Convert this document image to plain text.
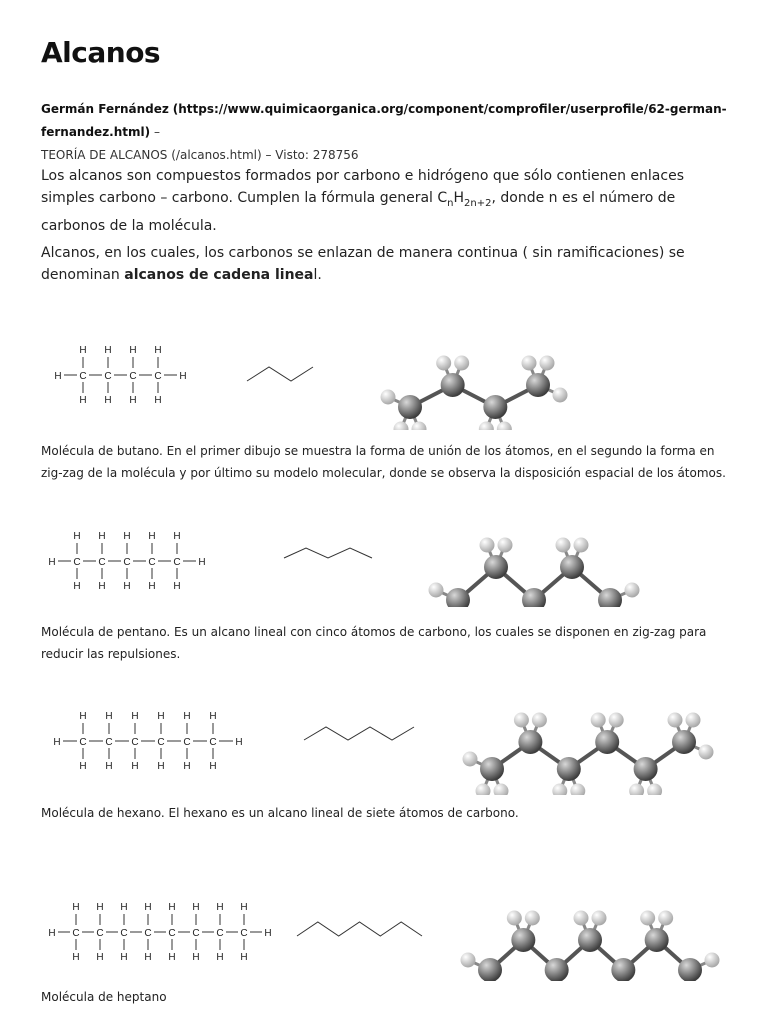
Alcanos
Germán Fernández (https://www.quimicaorganica.org/component/comprofiler/userprofile/62-german-fernandez.html) –
TEORÍA DE ALCANOS (/alcanos.html) – Visto: 278756

Los alcanos son compuestos formados por carbono e hidrógeno que sólo contienen enlaces simples carbono – carbono. Cumplen la fórmula general $C_nH_{2n+2}$, donde n es el número de carbonos de la molécula.

Alcanos, en los cuales, los carbonos se enlazan de manera continua ( sin ramificaciones) se denominan alcanos de cadena lineal.

Molécula de butano. En el primer dibujo se muestra la forma de unión de los átomos, en el segundo la forma en zig-zag de la molécula y por último su modelo molecular, donde se observa la disposición espacial de los átomos.
Molécula de pentano. Es un alcano lineal con cinco átomos de carbono, los cuales se disponen en zig-zag para reducir las repulsiones.
Molécula de hexano. El hexano es un alcano lineal de siete átomos de carbono.
Molécula de heptano
H C
H
H
C
H
H
C
H
H
C
H
H
H
H C
H
H
C
H
H
C
H
H
C
H
H
C
H
H
H
H C
H
H
C
H
H
C
H
H
C
H
H
C
H
H
C
H
H
H
H C
H
H
C
H
H
C
H
H
C
H
H
C
H
H
C
H
H
C
H
H
C
H
H
H
